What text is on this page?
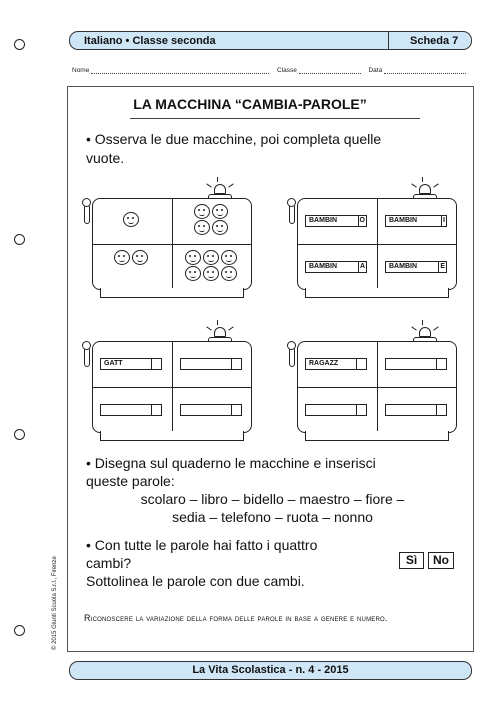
Italiano • Classe seconda	Scheda 7
Nome	Classe	Data
LA MACCHINA “CAMBIA-PAROLE”
• Osserva le due macchine, poi completa quelle
vuote.
BAMBIN	O	BAMBIN	I
BAMBIN	A	BAMBIN	E
GATT	RAGAZZ
• Disegna sul quaderno le macchine e inserisci
queste parole:
scolaro – libro – bidello – maestro – fiore –
sedia – telefono – ruota – nonno
• Con tutte le parole hai fatto i quattro
cambi?
Sottolinea le parole con due cambi.
Sì	No
Riconoscere la variazione della forma delle parole in base a genere e numero.
La Vita Scolastica - n. 4 - 2015
© 2015 Giunti Scuola S.r.l., Firenze
